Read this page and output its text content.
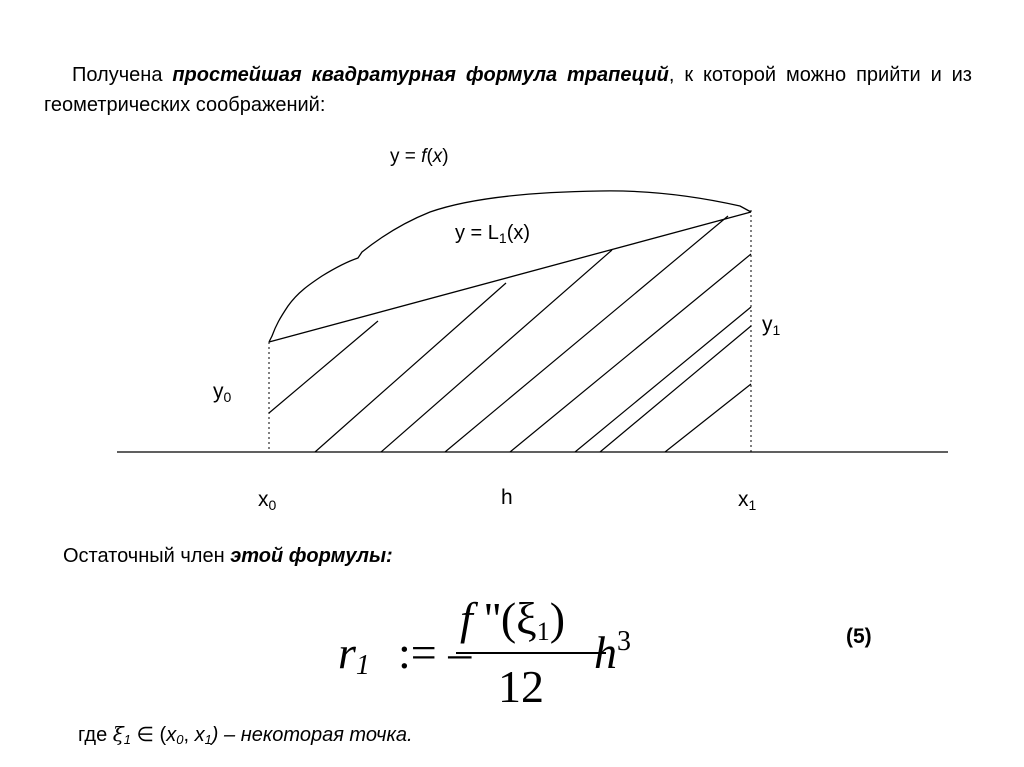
Получена простейшая квадратурная формула трапеций, к которой можно прийти и из геометрических соображений:
y = f(x)
$y = L_1(x)$
$y_1$
$y_0$
$x_0$	h	$x_1$
Остаточный член этой формулы:
$r_1$ := –
f ''$(\xi_1)$
12
$h^3$	(5)
где $\xi_1$ ∈ ($x_0$, $x_1$) – некоторая точка.
